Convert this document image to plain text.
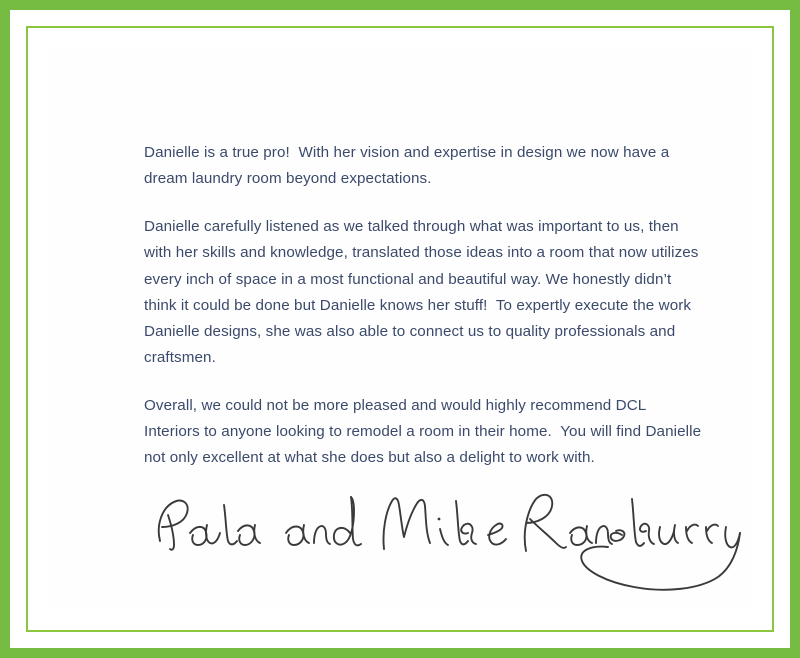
Danielle is a true pro!  With her vision and expertise in design we now have a dream laundry room beyond expectations.

Danielle carefully listened as we talked through what was important to us, then with her skills and knowledge, translated those ideas into a room that now utilizes every inch of space in a most functional and beautiful way. We honestly didn’t think it could be done but Danielle knows her stuff!  To expertly execute the work Danielle designs, she was also able to connect us to quality professionals and craftsmen.

Overall, we could not be more pleased and would highly recommend DCL Interiors to anyone looking to remodel a room in their home.  You will find Danielle not only excellent at what she does but also a delight to work with.
